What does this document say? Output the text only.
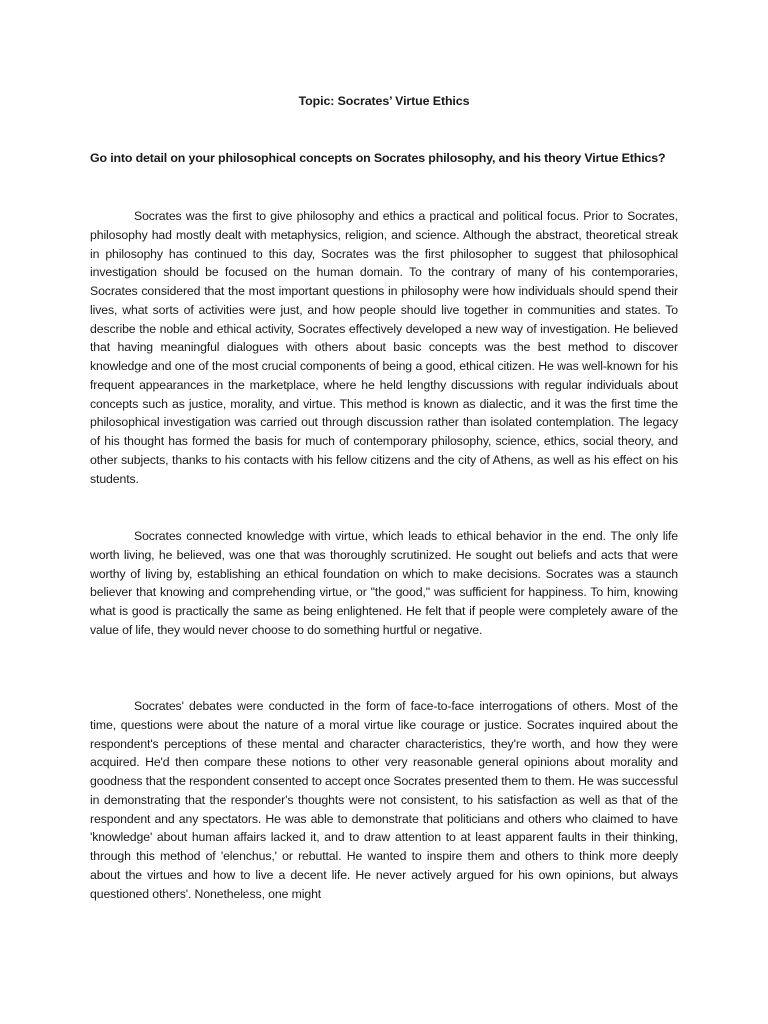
Topic: Socrates’ Virtue Ethics
Go into detail on your philosophical concepts on Socrates philosophy, and his theory Virtue Ethics?

Socrates was the first to give philosophy and ethics a practical and political focus. Prior to Socrates, philosophy had mostly dealt with metaphysics, religion, and science. Although the abstract, theoretical streak in philosophy has continued to this day, Socrates was the first philosopher to suggest that philosophical investigation should be focused on the human domain. To the contrary of many of his contemporaries, Socrates considered that the most important questions in philosophy were how individuals should spend their lives, what sorts of activities were just, and how people should live together in communities and states. To describe the noble and ethical activity, Socrates effectively developed a new way of investigation. He believed that having meaningful dialogues with others about basic concepts was the best method to discover knowledge and one of the most crucial components of being a good, ethical citizen. He was well-known for his frequent appearances in the marketplace, where he held lengthy discussions with regular individuals about concepts such as justice, morality, and virtue. This method is known as dialectic, and it was the first time the philosophical investigation was carried out through discussion rather than isolated contemplation. The legacy of his thought has formed the basis for much of contemporary philosophy, science, ethics, social theory, and other subjects, thanks to his contacts with his fellow citizens and the city of Athens, as well as his effect on his students.

Socrates connected knowledge with virtue, which leads to ethical behavior in the end. The only life worth living, he believed, was one that was thoroughly scrutinized. He sought out beliefs and acts that were worthy of living by, establishing an ethical foundation on which to make decisions. Socrates was a staunch believer that knowing and comprehending virtue, or "the good," was sufficient for happiness. To him, knowing what is good is practically the same as being enlightened. He felt that if people were completely aware of the value of life, they would never choose to do something hurtful or negative.

Socrates' debates were conducted in the form of face-to-face interrogations of others. Most of the time, questions were about the nature of a moral virtue like courage or justice. Socrates inquired about the respondent's perceptions of these mental and character characteristics, they're worth, and how they were acquired. He'd then compare these notions to other very reasonable general opinions about morality and goodness that the respondent consented to accept once Socrates presented them to them. He was successful in demonstrating that the responder's thoughts were not consistent, to his satisfaction as well as that of the respondent and any spectators. He was able to demonstrate that politicians and others who claimed to have 'knowledge' about human affairs lacked it, and to draw attention to at least apparent faults in their thinking, through this method of 'elenchus,' or rebuttal. He wanted to inspire them and others to think more deeply about the virtues and how to live a decent life. He never actively argued for his own opinions, but always questioned others'. Nonetheless, one might
